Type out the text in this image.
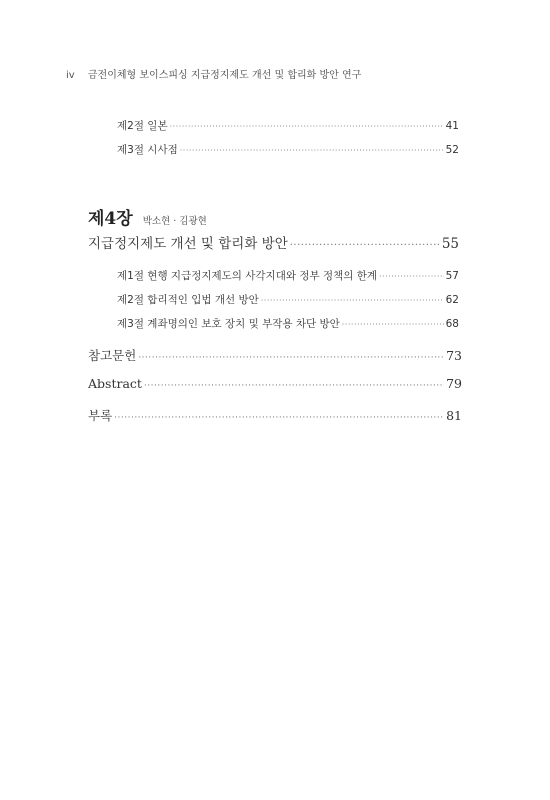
iv 금전이체형 보이스피싱 지급정지제도 개선 및 합리화 방안 연구
제2절 일본 ·····	41
제3절 시사점 ·····	52
제4장 박소현 · 김광현
지급정지제도 개선 및 합리화 방안 ·····	55
제1절 현행 지급정지제도의 사각지대와 정부 정책의 한계 ·····	57
제2절 합리적인 입법 개선 방안 ·····	62
제3절 계좌명의인 보호 장치 및 부작용 차단 방안 ·····	68
참고문헌 ·····	73
Abstract ·····	79
부록 ·····	81
